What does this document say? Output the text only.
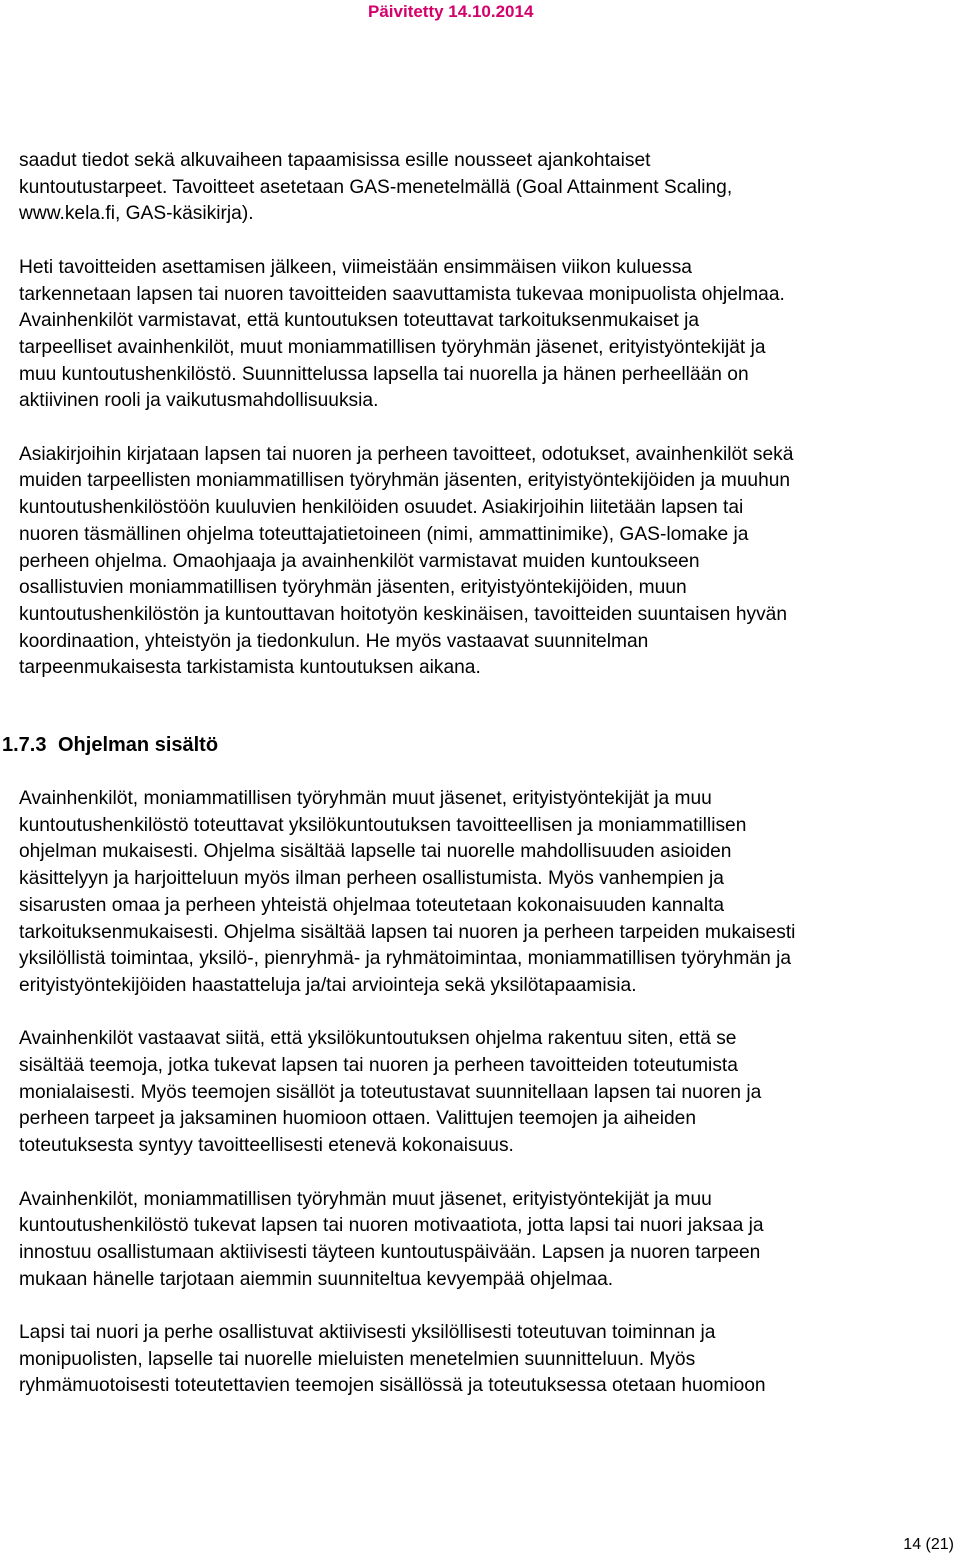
Päivitetty 14.10.2014

saadut tiedot sekä alkuvaiheen tapaamisissa esille nousseet ajankohtaiset
kuntoutustarpeet. Tavoitteet asetetaan GAS-menetelmällä (Goal Attainment Scaling,
www.kela.fi, GAS-käsikirja).

Heti tavoitteiden asettamisen jälkeen, viimeistään ensimmäisen viikon kuluessa
tarkennetaan lapsen tai nuoren tavoitteiden saavuttamista tukevaa monipuolista ohjelmaa.
Avainhenkilöt varmistavat, että kuntoutuksen toteuttavat tarkoituksenmukaiset ja
tarpeelliset avainhenkilöt, muut moniammatillisen työryhmän jäsenet, erityistyöntekijät ja
muu kuntoutushenkilöstö. Suunnittelussa lapsella tai nuorella ja hänen perheellään on
aktiivinen rooli ja vaikutusmahdollisuuksia.

Asiakirjoihin kirjataan lapsen tai nuoren ja perheen tavoitteet, odotukset, avainhenkilöt sekä
muiden tarpeellisten moniammatillisen työryhmän jäsenten, erityistyöntekijöiden ja muuhun
kuntoutushenkilöstöön kuuluvien henkilöiden osuudet. Asiakirjoihin liitetään lapsen tai
nuoren täsmällinen ohjelma toteuttajatietoineen (nimi, ammattinimike), GAS-lomake ja
perheen ohjelma. Omaohjaaja ja avainhenkilöt varmistavat muiden kuntoukseen
osallistuvien moniammatillisen työryhmän jäsenten, erityistyöntekijöiden, muun
kuntoutushenkilöstön ja kuntouttavan hoitotyön keskinäisen, tavoitteiden suuntaisen hyvän
koordinaation, yhteistyön ja tiedonkulun. He myös vastaavat suunnitelman
tarpeenmukaisesta tarkistamista kuntoutuksen aikana.

1.7.3 Ohjelman sisältö

Avainhenkilöt, moniammatillisen työryhmän muut jäsenet, erityistyöntekijät ja muu
kuntoutushenkilöstö toteuttavat yksilökuntoutuksen tavoitteellisen ja moniammatillisen
ohjelman mukaisesti. Ohjelma sisältää lapselle tai nuorelle mahdollisuuden asioiden
käsittelyyn ja harjoitteluun myös ilman perheen osallistumista. Myös vanhempien ja
sisarusten omaa ja perheen yhteistä ohjelmaa toteutetaan kokonaisuuden kannalta
tarkoituksenmukaisesti. Ohjelma sisältää lapsen tai nuoren ja perheen tarpeiden mukaisesti
yksilöllistä toimintaa, yksilö-, pienryhmä- ja ryhmätoimintaa, moniammatillisen työryhmän ja
erityistyöntekijöiden haastatteluja ja/tai arviointeja sekä yksilötapaamisia.

Avainhenkilöt vastaavat siitä, että yksilökuntoutuksen ohjelma rakentuu siten, että se
sisältää teemoja, jotka tukevat lapsen tai nuoren ja perheen tavoitteiden toteutumista
monialaisesti. Myös teemojen sisällöt ja toteutustavat suunnitellaan lapsen tai nuoren ja
perheen tarpeet ja jaksaminen huomioon ottaen. Valittujen teemojen ja aiheiden
toteutuksesta syntyy tavoitteellisesti etenevä kokonaisuus.

Avainhenkilöt, moniammatillisen työryhmän muut jäsenet, erityistyöntekijät ja muu
kuntoutushenkilöstö tukevat lapsen tai nuoren motivaatiota, jotta lapsi tai nuori jaksaa ja
innostuu osallistumaan aktiivisesti täyteen kuntoutuspäivään. Lapsen ja nuoren tarpeen
mukaan hänelle tarjotaan aiemmin suunniteltua kevyempää ohjelmaa.

Lapsi tai nuori ja perhe osallistuvat aktiivisesti yksilöllisesti toteutuvan toiminnan ja
monipuolisten, lapselle tai nuorelle mieluisten menetelmien suunnitteluun. Myös
ryhmämuotoisesti toteutettavien teemojen sisällössä ja toteutuksessa otetaan huomioon

14 (21)
